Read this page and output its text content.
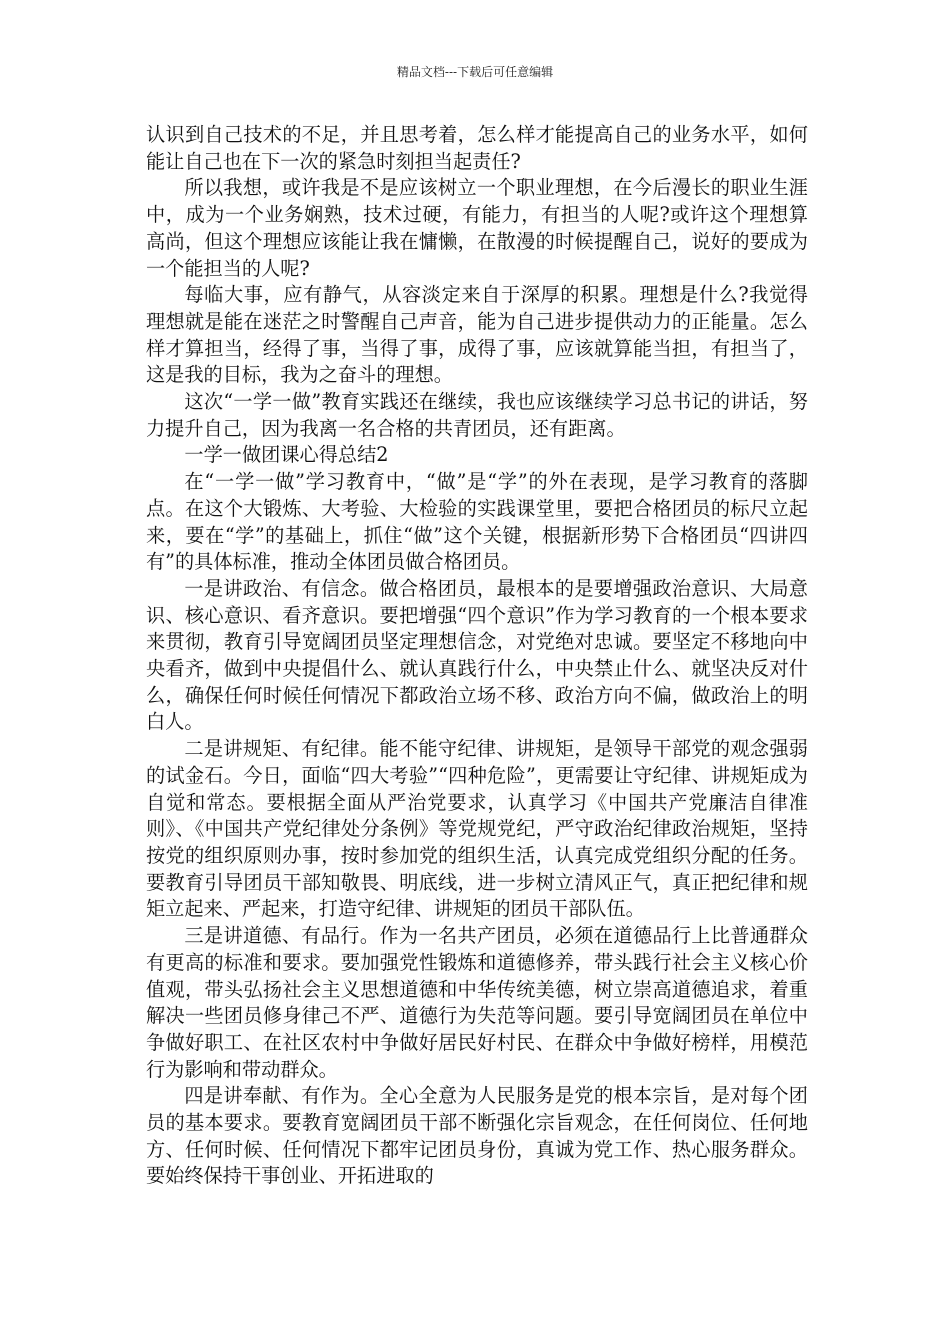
精品文档---下载后可任意编辑

认识到自己技术的不足，并且思考着，怎么样才能提高自己的业务水平，如何能让自己也在下一次的紧急时刻担当起责任?

所以我想，或许我是不是应该树立一个职业理想，在今后漫长的职业生涯中，成为一个业务娴熟，技术过硬，有能力，有担当的人呢?或许这个理想算高尚，但这个理想应该能让我在慵懒，在散漫的时候提醒自己，说好的要成为一个能担当的人呢?

每临大事，应有静气，从容淡定来自于深厚的积累。理想是什么?我觉得理想就是能在迷茫之时警醒自己声音，能为自己进步提供动力的正能量。怎么样才算担当，经得了事，当得了事，成得了事，应该就算能当担，有担当了，这是我的目标，我为之奋斗的理想。

这次“一学一做”教育实践还在继续，我也应该继续学习总书记的讲话，努力提升自己，因为我离一名合格的共青团员，还有距离。

一学一做团课心得总结2

在“一学一做”学习教育中，“做”是“学”的外在表现，是学习教育的落脚点。在这个大锻炼、大考验、大检验的实践课堂里，要把合格团员的标尺立起来，要在“学”的基础上，抓住“做”这个关键，根据新形势下合格团员“四讲四有”的具体标准，推动全体团员做合格团员。

一是讲政治、有信念。做合格团员，最根本的是要增强政治意识、大局意识、核心意识、看齐意识。要把增强“四个意识”作为学习教育的一个根本要求来贯彻，教育引导宽阔团员坚定理想信念，对党绝对忠诚。要坚定不移地向中央看齐，做到中央提倡什么、就认真践行什么，中央禁止什么、就坚决反对什么，确保任何时候任何情况下都政治立场不移、政治方向不偏，做政治上的明白人。

二是讲规矩、有纪律。能不能守纪律、讲规矩，是领导干部党的观念强弱的试金石。今日，面临“四大考验”“四种危险”，更需要让守纪律、讲规矩成为自觉和常态。要根据全面从严治党要求，认真学习《中国共产党廉洁自律准则》、《中国共产党纪律处分条例》等党规党纪，严守政治纪律政治规矩，坚持按党的组织原则办事，按时参加党的组织生活，认真完成党组织分配的任务。要教育引导团员干部知敬畏、明底线，进一步树立清风正气，真正把纪律和规矩立起来、严起来，打造守纪律、讲规矩的团员干部队伍。

三是讲道德、有品行。作为一名共产团员，必须在道德品行上比普通群众有更高的标准和要求。要加强党性锻炼和道德修养，带头践行社会主义核心价值观，带头弘扬社会主义思想道德和中华传统美德，树立崇高道德追求，着重解决一些团员修身律己不严、道德行为失范等问题。要引导宽阔团员在单位中争做好职工、在社区农村中争做好居民好村民、在群众中争做好榜样，用模范行为影响和带动群众。

四是讲奉献、有作为。全心全意为人民服务是党的根本宗旨，是对每个团员的基本要求。要教育宽阔团员干部不断强化宗旨观念，在任何岗位、任何地方、任何时候、任何情况下都牢记团员身份，真诚为党工作、热心服务群众。要始终保持干事创业、开拓进取的
